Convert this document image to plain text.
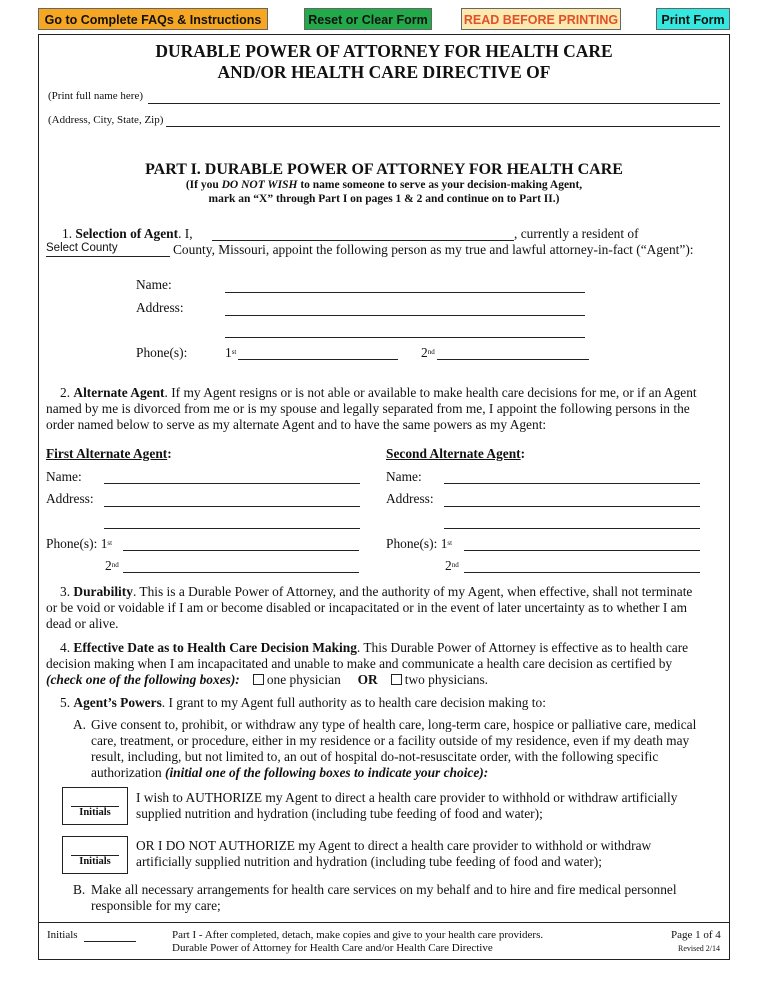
Go to Complete FAQs & Instructions	Reset or Clear Form	READ BEFORE PRINTING	Print Form
DURABLE POWER OF ATTORNEY FOR HEALTH CARE
AND/OR HEALTH CARE DIRECTIVE OF
(Print full name here)
(Address, City, State, Zip)
PART I. DURABLE POWER OF ATTORNEY FOR HEALTH CARE
(If you DO NOT WISH to name someone to serve as your decision-making Agent,
mark an “X” through Part I on pages 1 & 2 and continue on to Part II.)
1. Selection of Agent. I,	, currently a resident of
Select County	County, Missouri, appoint the following person as my true and lawful attorney-in-fact (“Agent”):
Name:
Address:
Phone(s):	1st	2nd
2. Alternate Agent. If my Agent resigns or is not able or available to make health care decisions for me, or if an Agent
named by me is divorced from me or is my spouse and legally separated from me, I appoint the following persons in the
order named below to serve as my alternate Agent and to have the same powers as my Agent:
First Alternate Agent:	Second Alternate Agent:
Name:
Address:
Phone(s): 1st
2nd
Name:
Address:
Phone(s): 1st
2nd
3. Durability. This is a Durable Power of Attorney, and the authority of my Agent, when effective, shall not terminate
or be void or voidable if I am or become disabled or incapacitated or in the event of later uncertainty as to whether I am
dead or alive.
4. Effective Date as to Health Care Decision Making. This Durable Power of Attorney is effective as to health care
decision making when I am incapacitated and unable to make and communicate a health care decision as certified by
(check one of the following boxes): one physician OR two physicians.
5. Agent’s Powers. I grant to my Agent full authority as to health care decision making to:
A. Give consent to, prohibit, or withdraw any type of health care, long-term care, hospice or palliative care, medical
care, treatment, or procedure, either in my residence or a facility outside of my residence, even if my death may
result, including, but not limited to, an out of hospital do-not-resuscitate order, with the following specific
authorization (initial one of the following boxes to indicate your choice):
Initials
I wish to AUTHORIZE my Agent to direct a health care provider to withhold or withdraw artificially
supplied nutrition and hydration (including tube feeding of food and water);
Initials
OR I DO NOT AUTHORIZE my Agent to direct a health care provider to withhold or withdraw
artificially supplied nutrition and hydration (including tube feeding of food and water);
B. Make all necessary arrangements for health care services on my behalf and to hire and fire medical personnel
responsible for my care;
Initials	Part I - After completed, detach, make copies and give to your health care providers.
Durable Power of Attorney for Health Care and/or Health Care Directive
Page 1 of 4
Revised 2/14
